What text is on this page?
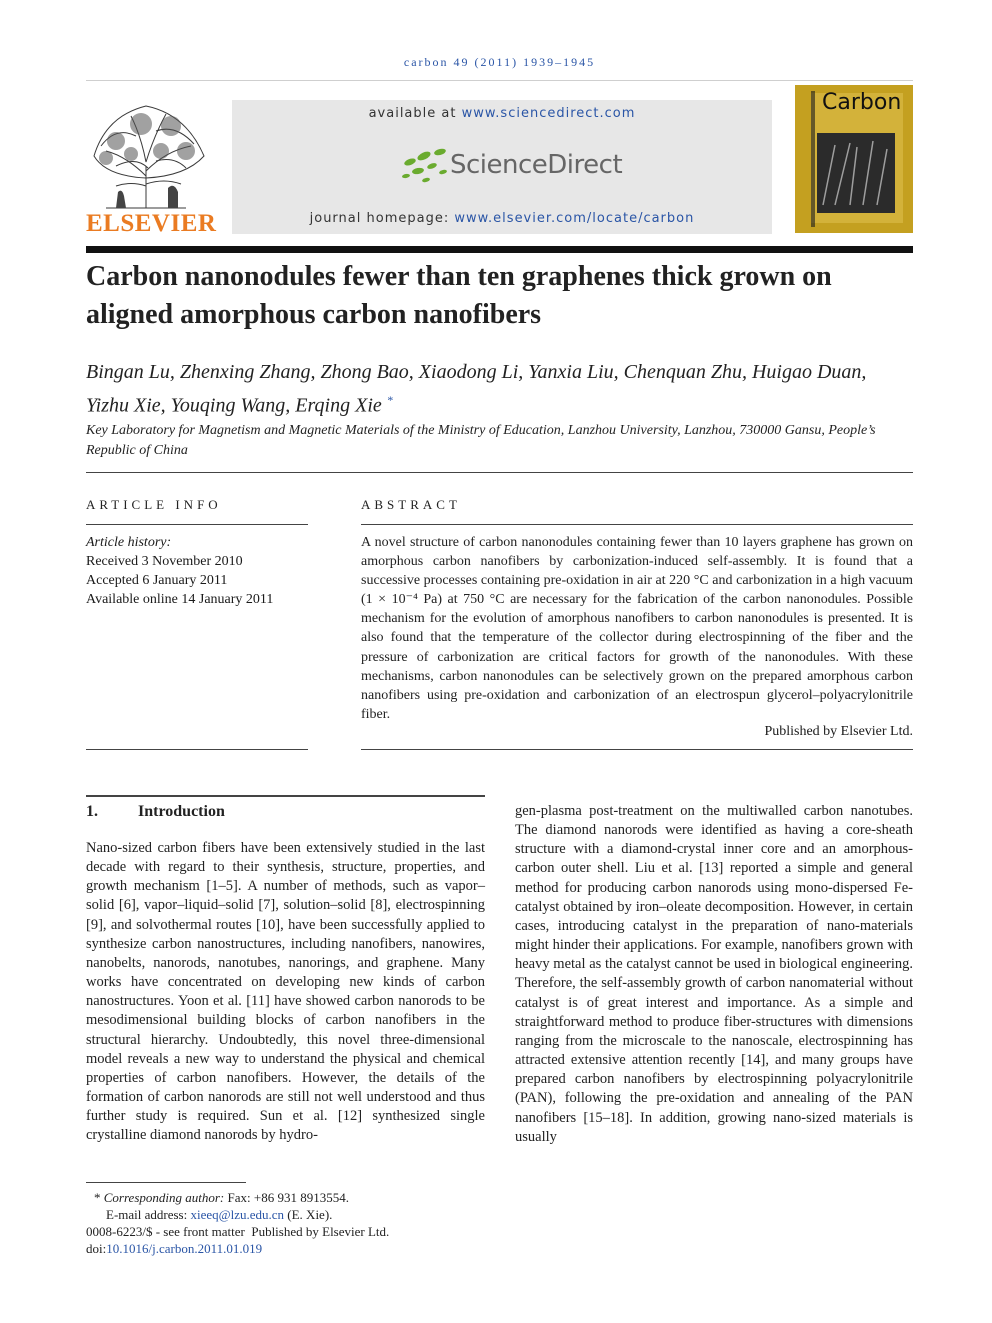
carbon 49 (2011) 1939–1945
ELSEVIER
available at www.sciencedirect.com
ScienceDirect
journal homepage: www.elsevier.com/locate/carbon
Carbon
Carbon nanonodules fewer than ten graphenes thick grown on aligned amorphous carbon nanofibers

Bingan Lu, Zhenxing Zhang, Zhong Bao, Xiaodong Li, Yanxia Liu, Chenquan Zhu, Huigao Duan, Yizhu Xie, Youqing Wang, Erqing Xie *

Key Laboratory for Magnetism and Magnetic Materials of the Ministry of Education, Lanzhou University, Lanzhou, 730000 Gansu, People’s Republic of China

ARTICLE INFO
Article history:
Received 3 November 2010
Accepted 6 January 2011
Available online 14 January 2011
ABSTRACT

A novel structure of carbon nanonodules containing fewer than 10 layers graphene has grown on amorphous carbon nanofibers by carbonization-induced self-assembly. It is found that a successive processes containing pre-oxidation in air at 220 °C and carbonization in a high vacuum (1 × 10⁻⁴ Pa) at 750 °C are necessary for the fabrication of the carbon nanonodules. Possible mechanism for the evolution of amorphous nanofibers to carbon nanonodules is presented. It is also found that the temperature of the collector during electrospinning of the fiber and the pressure of carbonization are critical factors for growth of the nanonodules. With these mechanisms, carbon nanonodules can be selectively grown on the prepared amorphous carbon nanofibers using pre-oxidation and carbonization of an electrospun glycerol–polyacrylonitrile fiber.

Published by Elsevier Ltd.
1.	Introduction

Nano-sized carbon fibers have been extensively studied in the last decade with regard to their synthesis, structure, properties, and growth mechanism [1–5]. A number of methods, such as vapor–solid [6], vapor–liquid–solid [7], solution–solid [8], electrospinning [9], and solvothermal routes [10], have been successfully applied to synthesize carbon nanostructures, including nanofibers, nanowires, nanobelts, nanorods, nanotubes, nanorings, and graphene. Many works have concentrated on developing new kinds of carbon nanostructures. Yoon et al. [11] have showed carbon nanorods to be mesodimensional building blocks of carbon nanofibers in the structural hierarchy. Undoubtedly, this novel three-dimensional model reveals a new way to understand the physical and chemical properties of carbon nanofibers. However, the details of the formation of carbon nanorods are still not well understood and thus further study is required. Sun et al. [12] synthesized single crystalline diamond nanorods by hydro-

gen-plasma post-treatment on the multiwalled carbon nanotubes. The diamond nanorods were identified as having a core-sheath structure with a diamond-crystal inner core and an amorphous-carbon outer shell. Liu et al. [13] reported a simple and general method for producing carbon nanorods using mono-dispersed Fe-catalyst obtained by iron–oleate decomposition. However, in certain cases, introducing catalyst in the preparation of nano-materials might hinder their applications. For example, nanofibers grown with heavy metal as the catalyst cannot be used in biological engineering. Therefore, the self-assembly growth of carbon nanomaterial without catalyst is of great interest and importance. As a simple and straightforward method to produce fiber-structures with dimensions ranging from the microscale to the nanoscale, electrospinning has attracted extensive attention recently [14], and many groups have prepared carbon nanofibers by electrospinning polyacrylonitrile (PAN), following the pre-oxidation and annealing of the PAN nanofibers [15–18]. In addition, growing nano-sized materials is usually

* Corresponding author: Fax: +86 931 8913554.
E-mail address: xieeq@lzu.edu.cn (E. Xie).
0008-6223/$ - see front matter  Published by Elsevier Ltd.
doi:10.1016/j.carbon.2011.01.019
